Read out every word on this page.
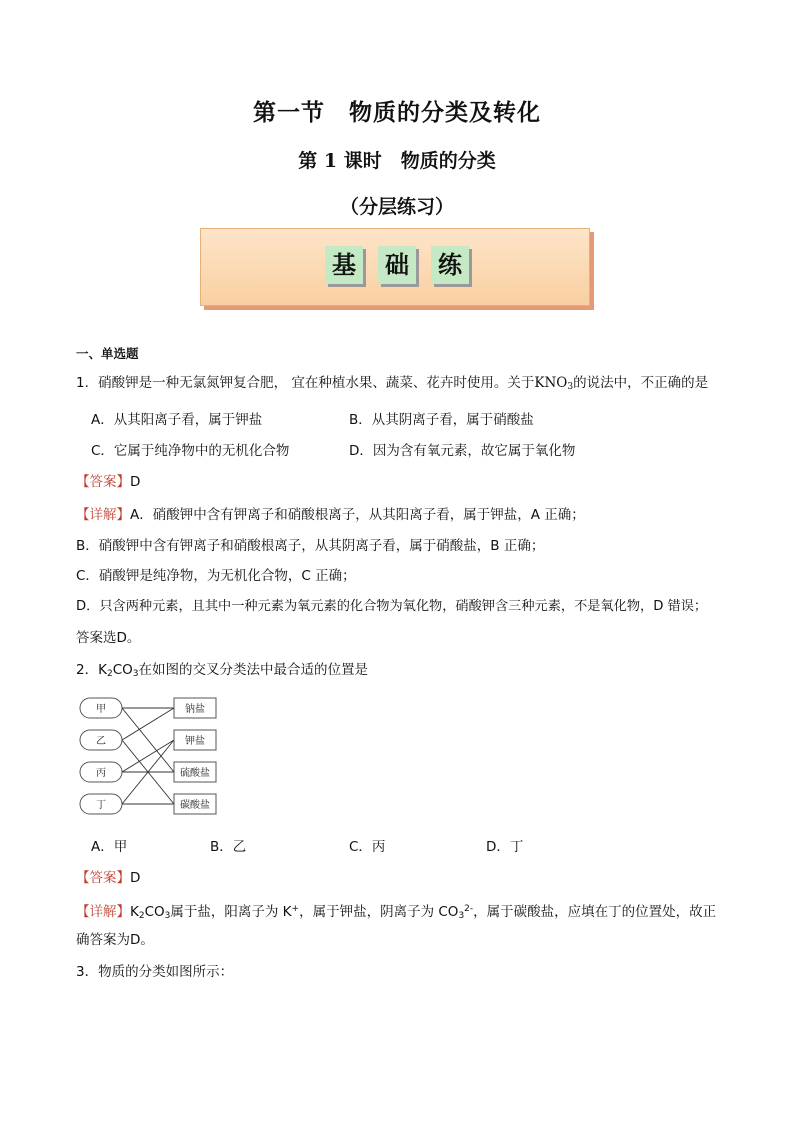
第一节　物质的分类及转化
第 1 课时　物质的分类
（分层练习）
基 础 练
一、单选题
1．硝酸钾是一种无氯氮钾复合肥， 宜在种植水果、蔬菜、花卉时使用。关于$KNO_3$的说法中，不正确的是
A．从其阳离子看，属于钾盐	B．从其阴离子看，属于硝酸盐
C．它属于纯净物中的无机化合物	D．因为含有氧元素，故它属于氧化物
【答案】D
【详解】A．硝酸钾中含有钾离子和硝酸根离子，从其阳离子看，属于钾盐，A 正确；
B．硝酸钾中含有钾离子和硝酸根离子，从其阴离子看，属于硝酸盐，B 正确；
C．硝酸钾是纯净物，为无机化合物，C 正确；
D．只含两种元素，且其中一种元素为氧元素的化合物为氧化物，硝酸钾含三种元素，不是氧化物，D 错误；
答案选D。
2．$K_2CO_3$在如图的交叉分类法中最合适的位置是
甲
乙
丙
丁
钠盐
钾盐
硫酸盐
碳酸盐
A．甲	B．乙	C．丙	D．丁
【答案】D
【详解】$K_2CO_3$属于盐，阳离子为 K+，属于钾盐，阴离子为 $CO_3^{2-}$，属于碳酸盐，应填在丁的位置处，故正
确答案为D。
3．物质的分类如图所示：
